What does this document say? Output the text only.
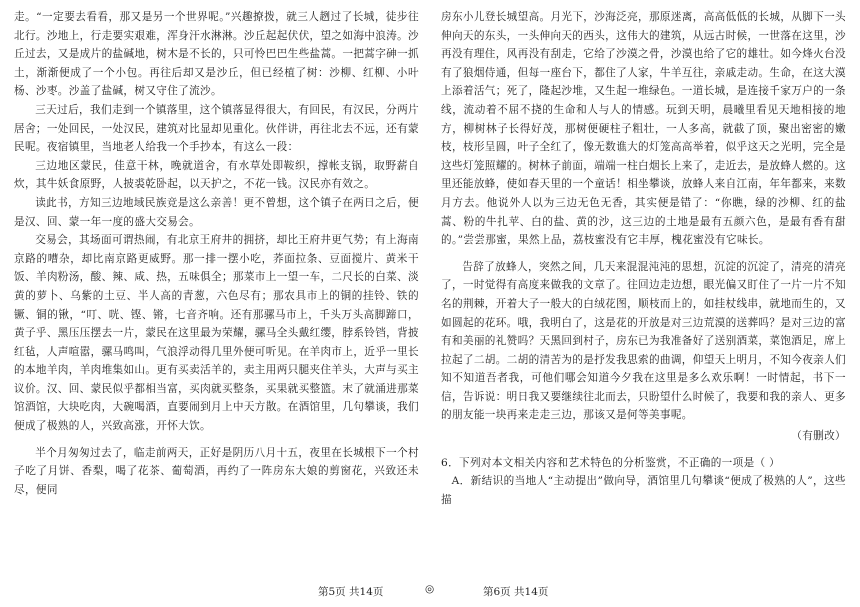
走。“一定要去看看，那又是另一个世界呢。”兴趣撩拨，就三人趔过了长城，徒步往北行。沙地上，行走要实艰难，浑身汗水淋淋。沙丘起起伏伏，望之如海中浪涛。沙丘过去，又是成片的盐碱地，树木是不长的，只可怜巴巴生些盐蒿。一把蒿字砷一抓土，渐渐便成了一个小包。再往后却又是沙丘，但已经植了树：沙柳、红柳、小叶杨、沙枣。沙盖了盐碱，树又守住了流沙。

三天过后，我们走到一个镇落里，这个镇落显得很大，有回民，有汉民，分两片居舍；一处回民，一处汉民，建筑对比显却见重化。伙伴讲，再往北去不远，还有蒙民呢。夜宿镇里，当地老人给我一个手抄本，有这么一段：

三边地区蒙民，佳意干林，晚就道舍，有水草处即鞍织，撑帐支锅，取野薪自炊，其牛妖食原野，人披裘乾卧起，以天护之，不花一钱。汉民亦有效之。

读此书，方知三边地域民族竞是这么亲善！更不曾想，这个镇子在两日之后，便是汉、回、蒙一年一度的盛大交易会。

交易会，其场面可谓热闹，有北京王府井的拥挤，却比王府井更气势；有上海南京路的嘈杂，却比南京路更威野。那一排一摆小吃，荞面拉条、豆面搅片、黄米干饭、羊肉粉汤，酸、辣、咸、热，五味俱全；那菜市上一望一车，二尺长的白菜、淡黄的萝卜、乌紫的土豆、半人高的青葱，六色尽有；那农具市上的铜的挂铃、铁的镢、铜的锹，“叮、咣、铿、锵，七音齐响。还有那骡马市上，千头万头高脚蹄口，黄子乎、黑压压摆去一片，蒙民在这里最为荣耀，骡马全头戴红缨，脖系铃铛，背披红毡，人声喧嚣，骡马鸣叫，气浪浮动得几里外便可听见。在羊肉市上，近乎一里长的本地羊肉，羊肉堆集如山。更有买卖活羊的，卖主用两只腿夹住羊头，大声与买主议价。汉、回、蒙民似乎都相当富，买肉就买整条，买果就买整篮。末了就涌进那菜馆酒馆，大块吃肉，大碗喝酒，直要闹到月上中天方散。在酒馆里，几句攀谈，我们便成了极熟的人，兴致高涨，开怀大饮。

半个月匆匆过去了，临走前两天，正好是阴历八月十五，夜里在长城根下一个村子吃了月饼、香梨，喝了花茶、葡萄酒，再约了一阵房东大娘的剪窗花，兴致还未尽，便同

房东小儿登长城望高。月光下，沙海泛亮，那原迷离，高高低低的长城，从脚下一头伸向天的东头，一头伸向天的西头，这伟大的建筑，从远古时候，一世落在这里，沙再没有理住，风再没有刮走，它给了沙漠之骨，沙漠也给了它的雄壮。如今烽火台没有了狼烟侍通，但每一座台下，都住了人家，牛羊互往，亲戚走动。生命，在这大漠上添着活气；死了，隆起沙堆，又生起一堆绿色。一道长城，是连接千家万户的一条线，流动着不屈不挠的生命和人与人的情感。玩到天明，晨曦里看见天地相接的地方，柳树林子长得好茂，那树便硬柱子粗壮，一人多高，就截了顶，聚出密密的嫩枝，枝形呈圆，叶子全红了，像无数谯大的灯笼高高举着，似乎这天之光明，完全是这些灯笼照耀的。树林子前面，端端一柱白烟长上来了，走近去，是放蜂人燃的。这里还能放蜂，使如春天里的一个童话！相坐攀谈，放蜂人来自江南，年年都来，来数月方去。他说外人以为三边无色无香，其实便是错了：“你瞧，绿的沙柳、红的盐蒿、粉的牛扎苹、白的盐、黄的沙，这三边的土地是最有五颜六色，是最有香有甜的。”尝尝那蜜，果然上品，荔枝蜜没有它丰厚，槐花蜜没有它味长。

告辞了放蜂人，突然之间，几天来混混沌沌的思想，沉淀的沉淀了，清亮的清亮了，一时觉得有高度来做我的文章了。往回边走边想，眼光偏又盯住了一片一片不知名的荆棘，开着大子一般大的白绒花图，顺枝而上的，如挂杖线串，就地而生的，又如圆起的花环。哦，我明白了，这是花的开放是对三边荒漠的送葬吗？是对三边的富有和美丽的礼赞吗？天黑回到村子，房东已为我准备好了送别酒菜，菜饱酒足，席上拉起了二胡。二胡的清苦为的是抒发我思索的曲调，仰望天上明月，不知今夜亲人们知不知道吾者我，可他们哪会知道今夕我在这里是多么欢乐啊！一时情起，书下一信，告诉说：明日我又要继续往北而去，只盼望什么时候了，我要和我的亲人、更多的朋友能一块再来走走三边，那该又是何等美事呢。

（有删改）

6．下列对本文相关内容和艺术特色的分析鉴赏，不正确的一项是（ ）

A．新结识的当地人“主动提出”做向导，酒馆里几句攀谈“便成了极熟的人”，这些描

第5页 共14页	◎	第6页 共14页
